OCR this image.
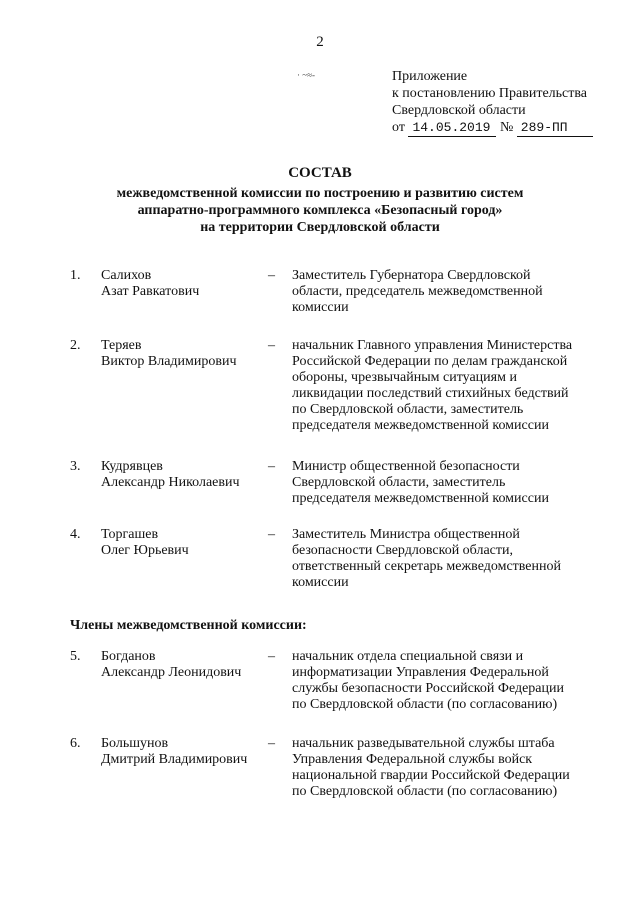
2
· ~≈-	Приложение
к постановлению Правительства
Свердловской области
от 14.05.2019 № 289-ПП
СОСТАВ
межведомственной комиссии по построению и развитию систем
аппаратно-программного комплекса «Безопасный город»
на территории Свердловской области
1. Салихов
Азат Равкатович
– Заместитель Губернатора Свердловской
области, председатель межведомственной
комиссии
2. Теряев
Виктор Владимирович
– начальник Главного управления Министерства
Российской Федерации по делам гражданской
обороны, чрезвычайным ситуациям и
ликвидации последствий стихийных бедствий
по Свердловской области, заместитель
председателя межведомственной комиссии
3. Кудрявцев
Александр Николаевич
– Министр общественной безопасности
Свердловской области, заместитель
председателя межведомственной комиссии
4. Торгашев
Олег Юрьевич
– Заместитель Министра общественной
безопасности Свердловской области,
ответственный секретарь межведомственной
комиссии
Члены межведомственной комиссии:
5. Богданов
Александр Леонидович
– начальник отдела специальной связи и
информатизации Управления Федеральной
службы безопасности Российской Федерации
по Свердловской области (по согласованию)
6. Большунов
Дмитрий Владимирович
– начальник разведывательной службы штаба
Управления Федеральной службы войск
национальной гвардии Российской Федерации
по Свердловской области (по согласованию)
